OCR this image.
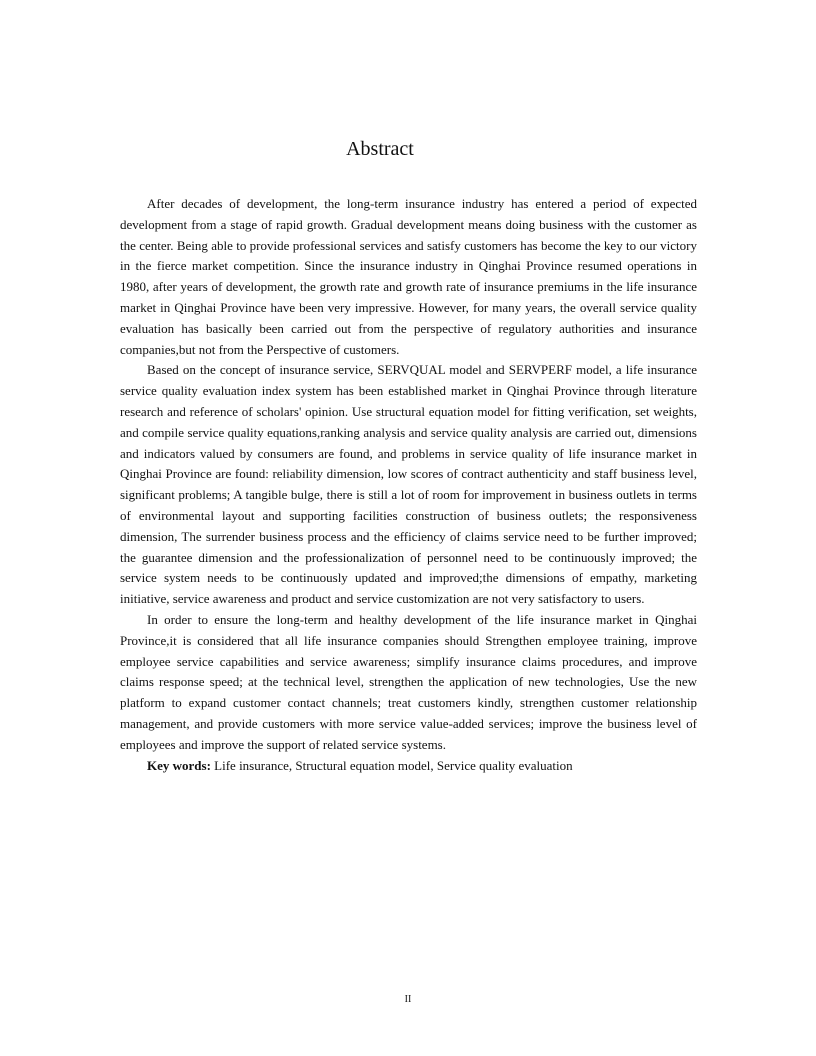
Abstract

After decades of development, the long-term insurance industry has entered a period of expected development from a stage of rapid growth. Gradual development means doing business with the customer as the center. Being able to provide professional services and satisfy customers has become the key to our victory in the fierce market competition. Since the insurance industry in Qinghai Province resumed operations in 1980, after years of development, the growth rate and growth rate of insurance premiums in the life insurance market in Qinghai Province have been very impressive. However, for many years, the overall service quality evaluation has basically been carried out from the perspective of regulatory authorities and insurance companies,but not from the Perspective of customers.

Based on the concept of insurance service, SERVQUAL model and SERVPERF model, a life insurance service quality evaluation index system has been established market in Qinghai Province through literature research and reference of scholars' opinion. Use structural equation model for fitting verification, set weights, and compile service quality equations,ranking analysis and service quality analysis are carried out, dimensions and indicators valued by consumers are found, and problems in service quality of life insurance market in Qinghai Province are found: reliability dimension, low scores of contract authenticity and staff business level, significant problems; A tangible bulge, there is still a lot of room for improvement in business outlets in terms of environmental layout and supporting facilities construction of business outlets; the responsiveness dimension, The surrender business process and the efficiency of claims service need to be further improved; the guarantee dimension and the professionalization of personnel need to be continuously improved; the service system needs to be continuously updated and improved;the dimensions of empathy, marketing initiative, service awareness and product and service customization are not very satisfactory to users.

In order to ensure the long-term and healthy development of the life insurance market in Qinghai Province,it is considered that all life insurance companies should Strengthen employee training, improve employee service capabilities and service awareness; simplify insurance claims procedures, and improve claims response speed; at the technical level, strengthen the application of new technologies, Use the new platform to expand customer contact channels; treat customers kindly, strengthen customer relationship management, and provide customers with more service value-added services; improve the business level of employees and improve the support of related service systems.

Key words: Life insurance, Structural equation model, Service quality evaluation

II
